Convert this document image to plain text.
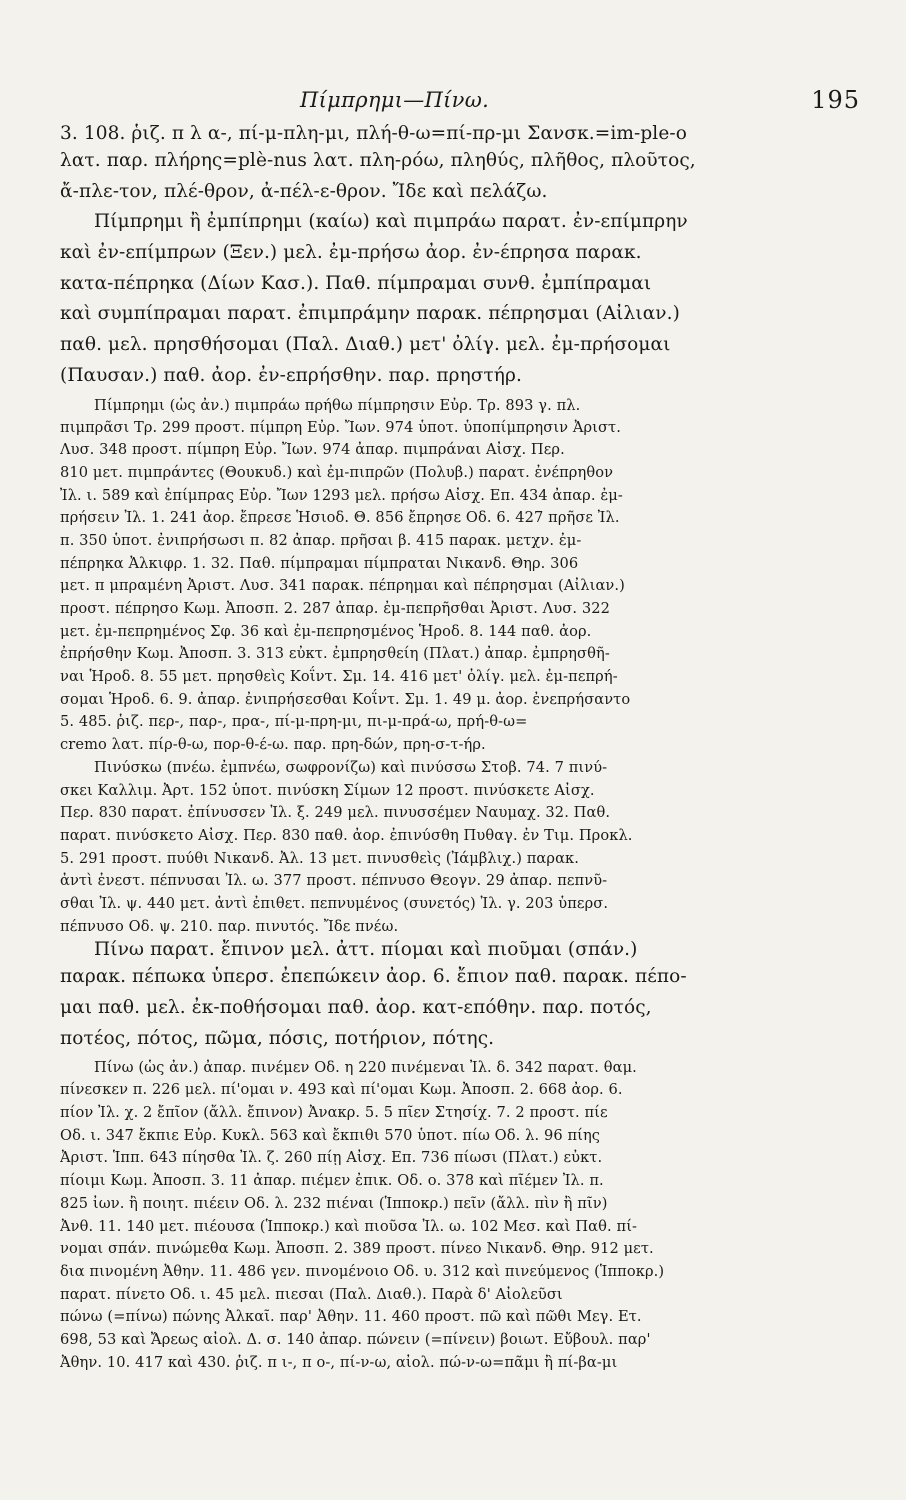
Πίμπρημι—Πίνω.	195

3. 108. ῥιζ. π λ α-, πί-μ-πλη-μι, πλή-θ-ω=πί-πρ-μι Σανσκ.=im-ple-o

λατ. παρ. πλήρης=plè-nus λατ. πλη-ρόω, πληθύς, πλῆθος, πλοῦτος,

ἄ-πλε-τον, πλέ-θρον, ἀ-πέλ-ε-θρον. Ἴδε καὶ πελάζω.

Πίμπρημι ἢ ἐμπίπρημι (καίω) καὶ πιμπράω παρατ. ἐν-επίμπρην

καὶ ἐν-επίμπρων (Ξεν.) μελ. ἐμ-πρήσω ἀορ. ἐν-έπρησα παρακ.

κατα-πέπρηκα (Δίων Κασ.). Παθ. πίμπραμαι συνθ. ἐμπίπραμαι

καὶ συμπίπραμαι παρατ. ἐπιμπράμην παρακ. πέπρησμαι (Αἰλιαν.)

παθ. μελ. πρησθήσομαι (Παλ. Διαθ.) μετ' ὀλίγ. μελ. ἐμ-πρήσομαι

(Παυσαν.) παθ. ἀορ. ἐν-επρήσθην. παρ. πρηστήρ.

Πίμπρημι (ὡς ἀν.) πιμπράω πρήθω πίμπρησιν Εὐρ. Τρ. 893 γ. πλ.

πιμπρᾶσι Τρ. 299 προστ. πίμπρη Εὐρ. Ἴων. 974 ὑποτ. ὑποπίμπρησιν Ἀριστ.

Λυσ. 348 προστ. πίμπρη Εὐρ. Ἴων. 974 ἀπαρ. πιμπράναι Αἰσχ. Περ.

810 μετ. πιμπράντες (Θουκυδ.) καὶ ἐμ-πιπρῶν (Πολυβ.) παρατ. ἐνέπρηθον

Ἰλ. ι. 589 καὶ ἐπίμπρας Εὐρ. Ἴων 1293 μελ. πρήσω Αἰσχ. Επ. 434 ἀπαρ. ἐμ-

πρήσειν Ἰλ. 1. 241 ἀορ. ἔπρεσε Ἡσιοδ. Θ. 856 ἔπρησε Οδ. 6. 427 πρῆσε Ἰλ.

π. 350 ὑποτ. ἐνιπρήσωσι π. 82 ἀπαρ. πρῆσαι β. 415 παρακ. μετχν. ἐμ-

πέπρηκα Ἀλκιφρ. 1. 32. Παθ. πίμπραμαι πίμπραται Νικανδ. Θηρ. 306

μετ. π μπραμένη Ἀριστ. Λυσ. 341 παρακ. πέπρημαι καὶ πέπρησμαι (Αἰλιαν.)

προστ. πέπρησο Κωμ. Ἀποσπ. 2. 287 ἀπαρ. ἐμ-πεπρῆσθαι Ἀριστ. Λυσ. 322

μετ. ἐμ-πεπρημένος Σφ. 36 καὶ ἐμ-πεπρησμένος Ἡροδ. 8. 144 παθ. ἀορ.

ἐπρήσθην Κωμ. Ἀποσπ. 3. 313 εὐκτ. ἐμπρησθείη (Πλατ.) ἀπαρ. ἐμπρησθῆ-

ναι Ἡροδ. 8. 55 μετ. πρησθεὶς Κοΐντ. Σμ. 14. 416 μετ' ὀλίγ. μελ. ἐμ-πεπρή-

σομαι Ἡροδ. 6. 9. ἀπαρ. ἐνιπρήσεσθαι Κοΐντ. Σμ. 1. 49 μ. ἀορ. ἐνεπρήσαντο

5. 485. ῥιζ. περ-, παρ-, πρα-, πί-μ-πρη-μι, πι-μ-πρά-ω, πρή-θ-ω=

cremo λατ. πίρ-θ-ω, πορ-θ-έ-ω. παρ. πρη-δών, πρη-σ-τ-ήρ.

Πινύσκω (πνέω. ἐμπνέω, σωφρονίζω) καὶ πινύσσω Στοβ. 74. 7 πινύ-

σκει Καλλιμ. Ἀρτ. 152 ὑποτ. πινύσκη Σίμων 12 προστ. πινύσκετε Αἰσχ.

Περ. 830 παρατ. ἐπίνυσσεν Ἰλ. ξ. 249 μελ. πινυσσέμεν Ναυμαχ. 32. Παθ.

παρατ. πινύσκετο Αἰσχ. Περ. 830 παθ. ἀορ. ἐπινύσθη Πυθαγ. ἐν Τιμ. Προκλ.

5. 291 προστ. πυύθι Νικανδ. Ἀλ. 13 μετ. πινυσθεὶς (Ἰάμβλιχ.) παρακ.

ἀντὶ ἐνεστ. πέπνυσαι Ἰλ. ω. 377 προστ. πέπνυσο Θεογν. 29 ἀπαρ. πεπνῦ-

σθαι Ἰλ. ψ. 440 μετ. ἀντὶ ἐπιθετ. πεπνυμένος (συνετός) Ἰλ. γ. 203 ὑπερσ.

πέπνυσο Οδ. ψ. 210. παρ. πινυτός. Ἴδε πνέω.

Πίνω παρατ. ἔπινον μελ. ἀττ. πίομαι καὶ πιοῦμαι (σπάν.)

παρακ. πέπωκα ὑπερσ. ἐπεπώκειν ἀορ. 6. ἔπιον παθ. παρακ. πέπο-

μαι παθ. μελ. ἐκ-ποθήσομαι παθ. ἀορ. κατ-επόθην. παρ. ποτός,

ποτέος, πότος, πῶμα, πόσις, ποτήριον, πότης.

Πίνω (ὡς ἀν.) ἀπαρ. πινέμεν Οδ. η 220 πινέμεναι Ἰλ. δ. 342 παρατ. θαμ.

πίνεσκεν π. 226 μελ. πί'ομαι ν. 493 καὶ πί'ομαι Κωμ. Ἀποσπ. 2. 668 ἀορ. 6.

πίον Ἰλ. χ. 2 ἔπῖον (ἄλλ. ἔπινον) Ἀνακρ. 5. 5 πῖεν Στησίχ. 7. 2 προστ. πίε

Οδ. ι. 347 ἔκπιε Εὐρ. Κυκλ. 563 καὶ ἔκπιθι 570 ὑποτ. πίω Οδ. λ. 96 πίης

Ἀριστ. Ἱππ. 643 πίησθα Ἰλ. ζ. 260 πίῃ Αἰσχ. Επ. 736 πίωσι (Πλατ.) εὐκτ.

πίοιμι Κωμ. Ἀποσπ. 3. 11 ἀπαρ. πιέμεν ἐπικ. Οδ. ο. 378 καὶ πῖέμεν Ἰλ. π.

825 ἰων. ἢ ποιητ. πιέειν Οδ. λ. 232 πιέναι (Ἱπποκρ.) πεῖν (ἄλλ. πὶν ἢ πῖν)

Ἀνθ. 11. 140 μετ. πιέουσα (Ἱπποκρ.) καὶ πιοῦσα Ἰλ. ω. 102 Μεσ. καὶ Παθ. πί-

νομαι σπάν. πινώμεθα Κωμ. Ἀποσπ. 2. 389 προστ. πίνεο Νικανδ. Θηρ. 912 μετ.

δια πινομένη Ἀθην. 11. 486 γεν. πινομένοιο Οδ. υ. 312 καὶ πινεύμενος (Ἱπποκρ.)

παρατ. πίνετο Οδ. ι. 45 μελ. πιεσαι (Παλ. Διαθ.). Παρὰ δ' Αἰολεῦσι

πώνω (=πίνω) πώνης Ἀλκαῖ. παρ' Ἀθην. 11. 460 προστ. πῶ καὶ πῶθι Μεγ. Ετ.

698, 53 καὶ Ἄρεως αἰολ. Δ. σ. 140 ἀπαρ. πώνειν (=πίνειν) βοιωτ. Εὔβουλ. παρ'

Ἀθην. 10. 417 καὶ 430. ῥιζ. π ι-, π ο-, πί-ν-ω, αἰολ. πώ-ν-ω=πᾶμι ἢ πί-βα-μι
